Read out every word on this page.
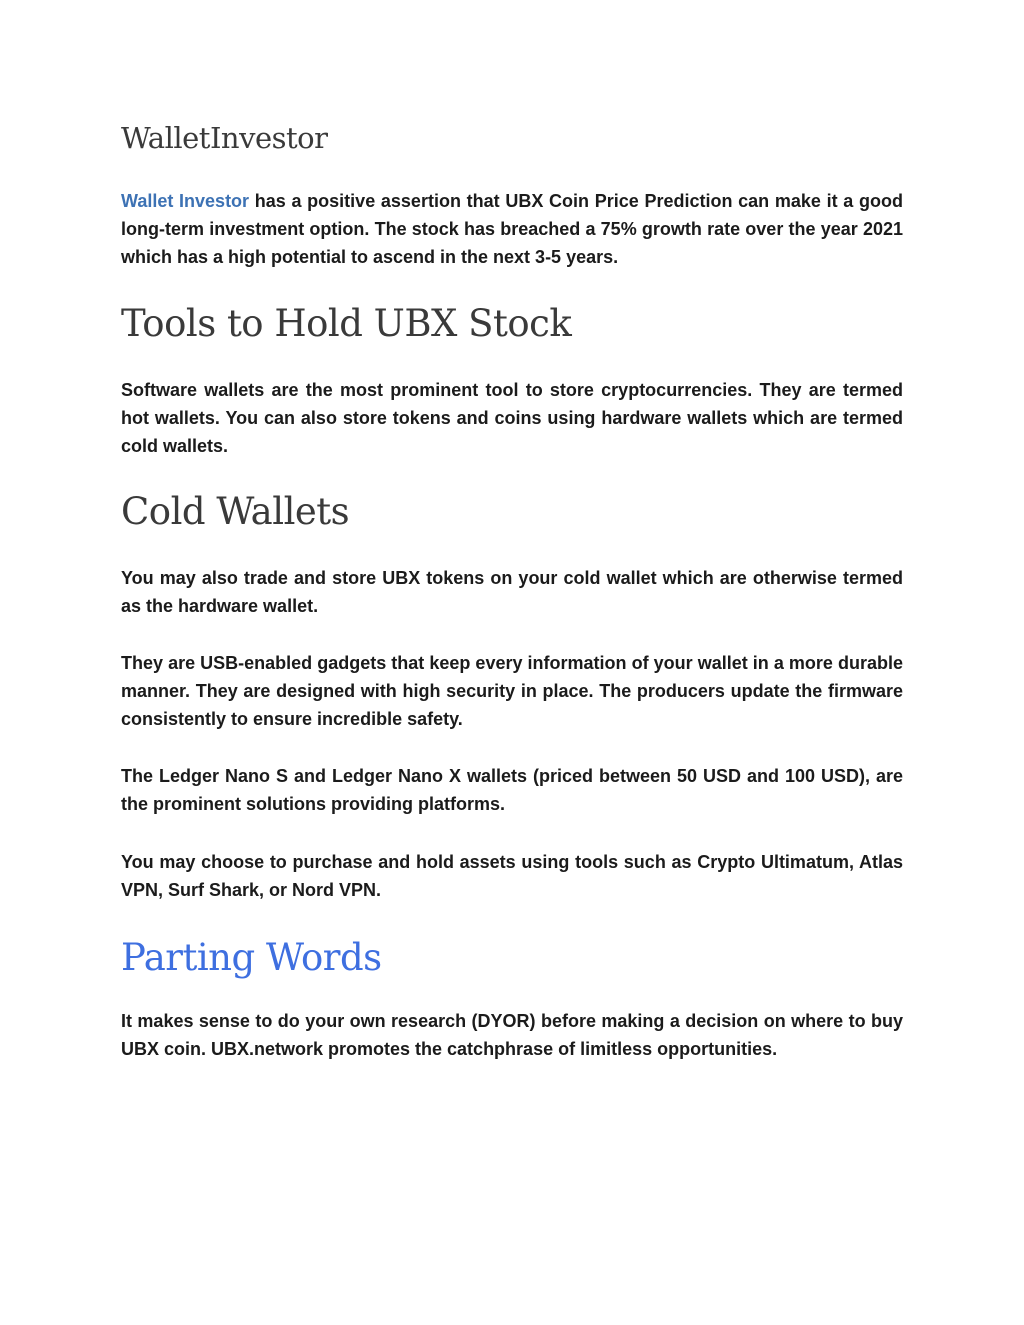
WalletInvestor

Wallet Investor has a positive assertion that UBX Coin Price Prediction can make it a good long-term investment option. The stock has breached a 75% growth rate over the year 2021 which has a high potential to ascend in the next 3-5 years.

Tools to Hold UBX Stock

Software wallets are the most prominent tool to store cryptocurrencies. They are termed hot wallets. You can also store tokens and coins using hardware wallets which are termed cold wallets.

Cold Wallets

You may also trade and store UBX tokens on your cold wallet which are otherwise termed as the hardware wallet.

They are USB-enabled gadgets that keep every information of your wallet in a more durable manner. They are designed with high security in place. The producers update the firmware consistently to ensure incredible safety.

The Ledger Nano S and Ledger Nano X wallets (priced between 50 USD and 100 USD), are the prominent solutions providing platforms.

You may choose to purchase and hold assets using tools such as Crypto Ultimatum, Atlas VPN, Surf Shark, or Nord VPN.

Parting Words

It makes sense to do your own research (DYOR) before making a decision on where to buy UBX coin. UBX.network promotes the catchphrase of limitless opportunities.
